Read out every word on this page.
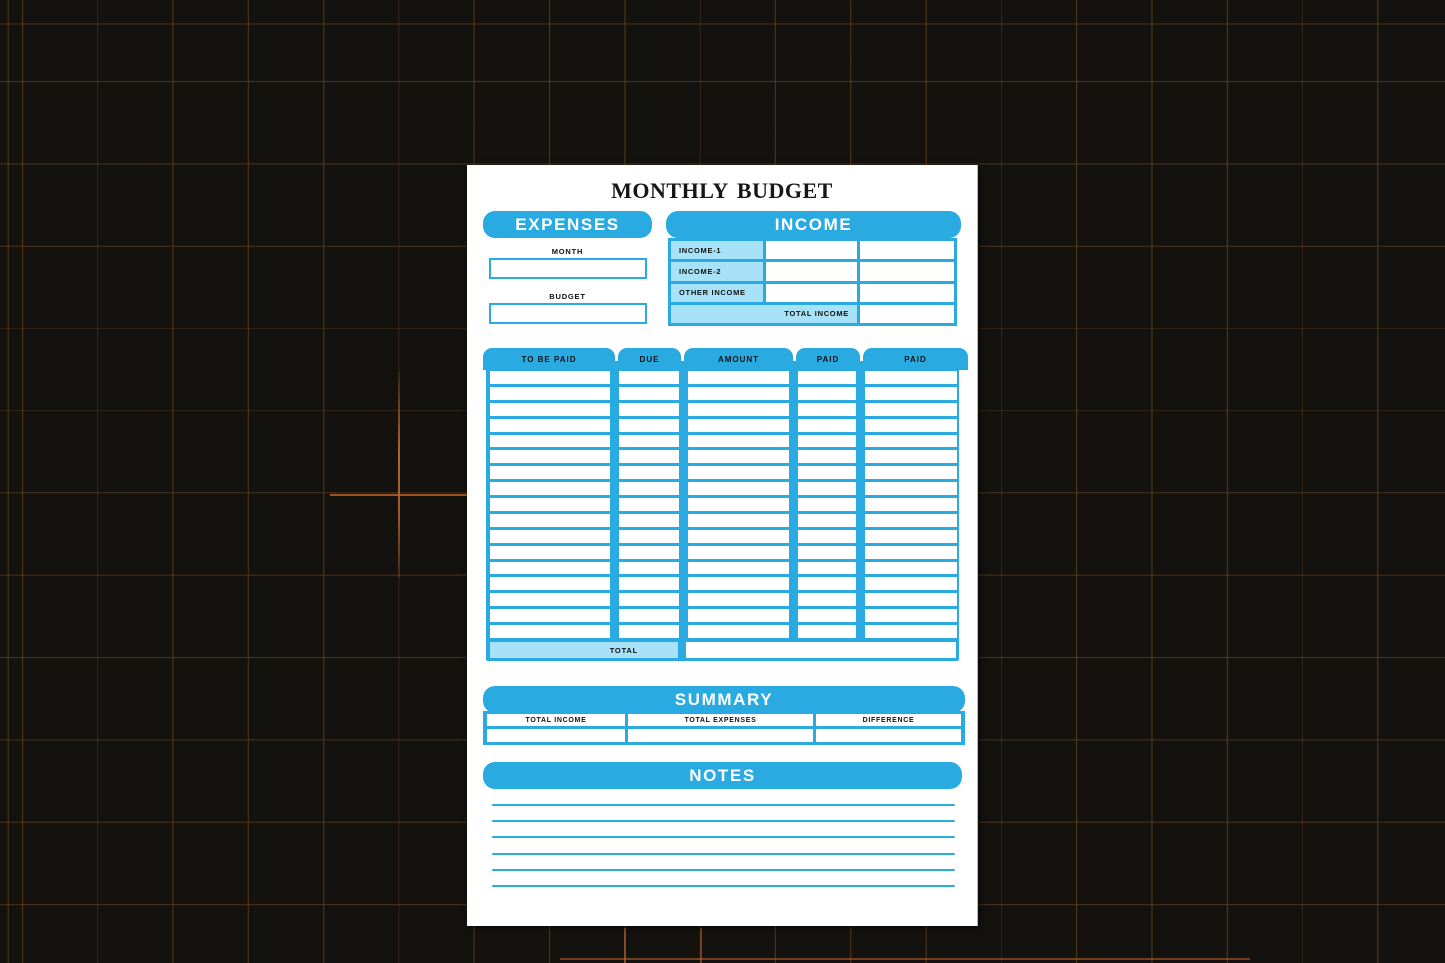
MONTHLY BUDGET
EXPENSES
MONTH
BUDGET
INCOME
INCOME-1
INCOME-2
OTHER INCOME
TOTAL INCOME
TO BE PAID	DUE	AMOUNT	PAID	PAID
TOTAL
SUMMARY
TOTAL INCOME	TOTAL EXPENSES	DIFFERENCE
NOTES
